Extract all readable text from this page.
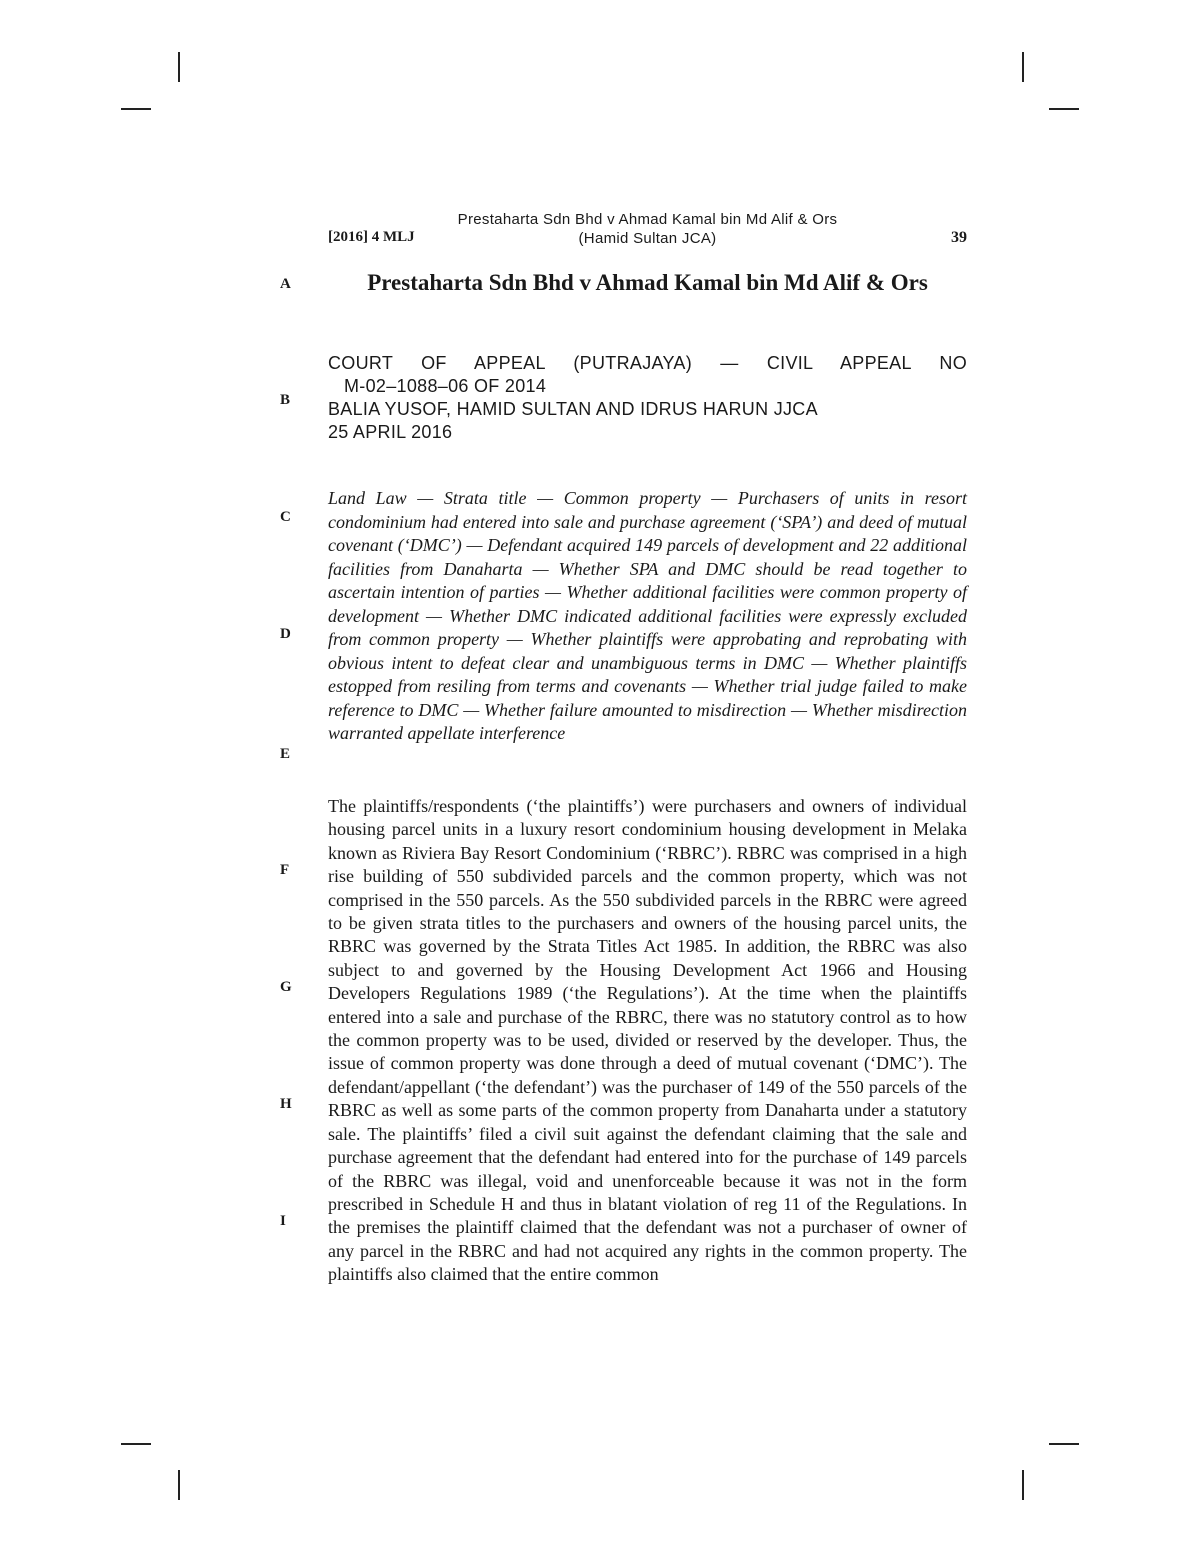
[2016] 4 MLJ
Prestaharta Sdn Bhd v Ahmad Kamal bin Md Alif & Ors
(Hamid Sultan JCA)	39
A
B
C
D
E
F
G
H
I
Prestaharta Sdn Bhd v Ahmad Kamal bin Md Alif & Ors
COURT OF APPEAL (PUTRAJAYA) — CIVIL APPEAL NO
M-02–1088–06 OF 2014
BALIA YUSOF, HAMID SULTAN AND IDRUS HARUN JJCA
25 APRIL 2016
Land Law — Strata title — Common property — Purchasers of units in resort condominium had entered into sale and purchase agreement (‘SPA’) and deed of mutual covenant (‘DMC’) — Defendant acquired 149 parcels of development and 22 additional facilities from Danaharta — Whether SPA and DMC should be read together to ascertain intention of parties — Whether additional facilities were common property of development — Whether DMC indicated additional facilities were expressly excluded from common property — Whether plaintiffs were approbating and reprobating with obvious intent to defeat clear and unambiguous terms in DMC — Whether plaintiffs estopped from resiling from terms and covenants — Whether trial judge failed to make reference to DMC — Whether failure amounted to misdirection — Whether misdirection warranted appellate interference
The plaintiffs/respondents (‘the plaintiffs’) were purchasers and owners of individual housing parcel units in a luxury resort condominium housing development in Melaka known as Riviera Bay Resort Condominium (‘RBRC’). RBRC was comprised in a high rise building of 550 subdivided parcels and the common property, which was not comprised in the 550 parcels. As the 550 subdivided parcels in the RBRC were agreed to be given strata titles to the purchasers and owners of the housing parcel units, the RBRC was governed by the Strata Titles Act 1985. In addition, the RBRC was also subject to and governed by the Housing Development Act 1966 and Housing Developers Regulations 1989 (‘the Regulations’). At the time when the plaintiffs entered into a sale and purchase of the RBRC, there was no statutory control as to how the common property was to be used, divided or reserved by the developer. Thus, the issue of common property was done through a deed of mutual covenant (‘DMC’). The defendant/appellant (‘the defendant’) was the purchaser of 149 of the 550 parcels of the RBRC as well as some parts of the common property from Danaharta under a statutory sale. The plaintiffs’ filed a civil suit against the defendant claiming that the sale and purchase agreement that the defendant had entered into for the purchase of 149 parcels of the RBRC was illegal, void and unenforceable because it was not in the form prescribed in Schedule H and thus in blatant violation of reg 11 of the Regulations. In the premises the plaintiff claimed that the defendant was not a purchaser of owner of any parcel in the RBRC and had not acquired any rights in the common property. The plaintiffs also claimed that the entire common
